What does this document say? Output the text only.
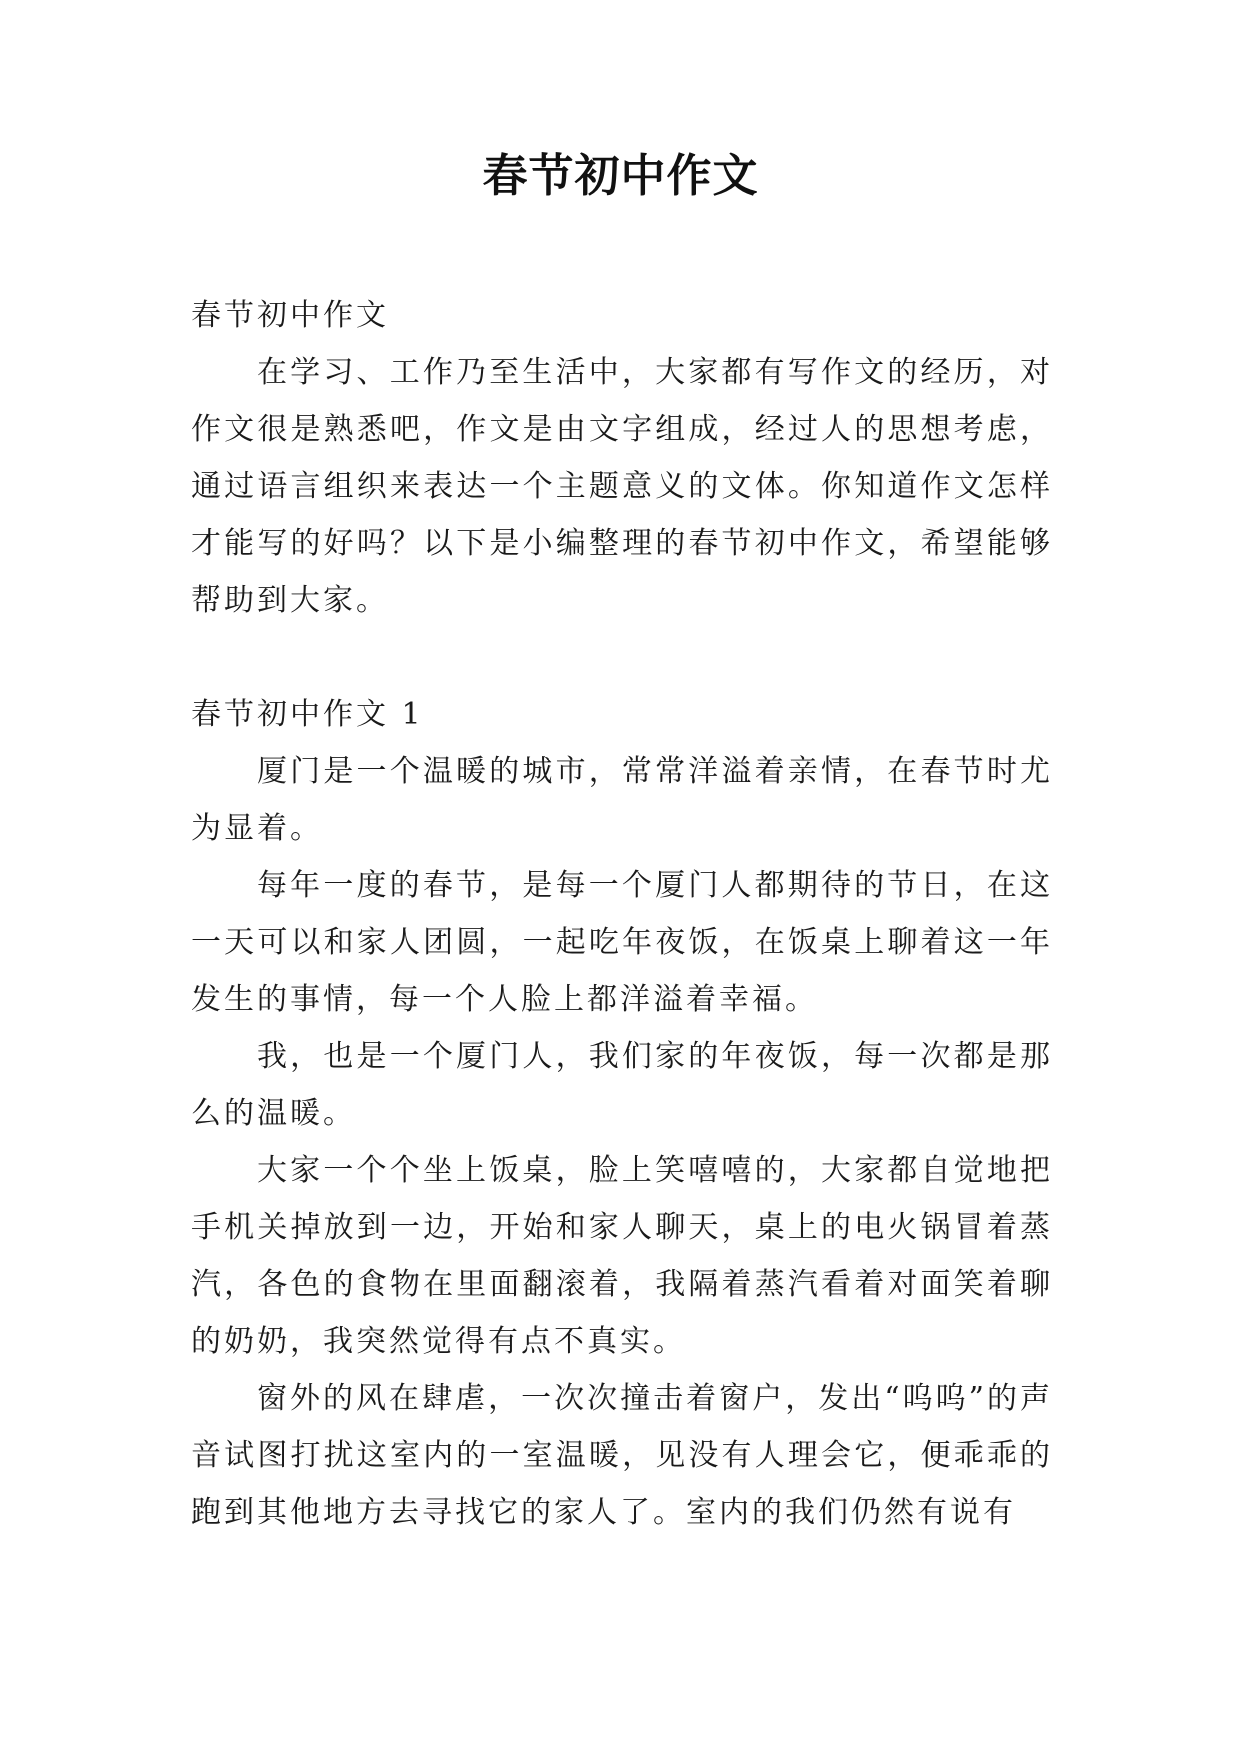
春节初中作文

春节初中作文

在学习、工作乃至生活中，大家都有写作文的经历，对作文很是熟悉吧，作文是由文字组成，经过人的思想考虑，通过语言组织来表达一个主题意义的文体。你知道作文怎样才能写的好吗？以下是小编整理的春节初中作文，希望能够帮助到大家。

春节初中作文 1

厦门是一个温暖的城市，常常洋溢着亲情，在春节时尤为显着。

每年一度的春节，是每一个厦门人都期待的节日，在这一天可以和家人团圆，一起吃年夜饭，在饭桌上聊着这一年发生的事情，每一个人脸上都洋溢着幸福。

我，也是一个厦门人，我们家的年夜饭，每一次都是那么的温暖。

大家一个个坐上饭桌，脸上笑嘻嘻的，大家都自觉地把手机关掉放到一边，开始和家人聊天，桌上的电火锅冒着蒸汽，各色的食物在里面翻滚着，我隔着蒸汽看着对面笑着聊的奶奶，我突然觉得有点不真实。

窗外的风在肆虐，一次次撞击着窗户，发出“呜呜”的声音试图打扰这室内的一室温暖，见没有人理会它，便乖乖的跑到其他地方去寻找它的家人了。室内的我们仍然有说有
